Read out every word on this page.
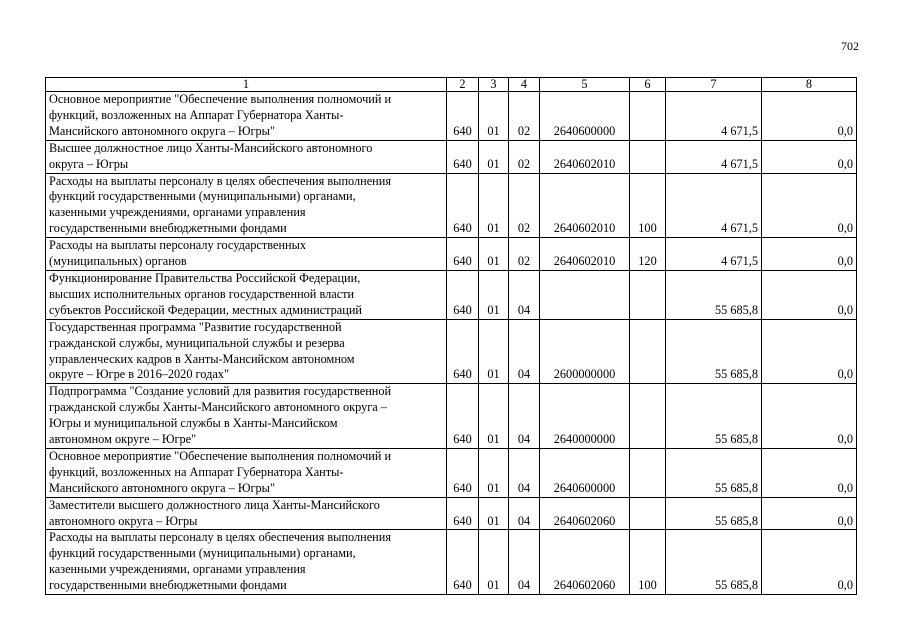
702
1	2	3	4	5	6	7	8
Основное мероприятие "Обеспечение выполнения полномочий и
функций, возложенных на Аппарат Губернатора Ханты-
Мансийского автономного округа – Югры"	640	01	02	2640600000		4 671,5	0,0
Высшее должностное лицо Ханты-Мансийского автономного
округа – Югры	640	01	02	2640602010		4 671,5	0,0
Расходы на выплаты персоналу в целях обеспечения выполнения
функций государственными (муниципальными) органами,
казенными учреждениями, органами управления
государственными внебюджетными фондами	640	01	02	2640602010	100	4 671,5	0,0
Расходы на выплаты персоналу государственных
(муниципальных) органов	640	01	02	2640602010	120	4 671,5	0,0
Функционирование Правительства Российской Федерации,
высших исполнительных органов государственной власти
субъектов Российской Федерации, местных администраций	640	01	04			55 685,8	0,0
Государственная программа "Развитие государственной
гражданской службы, муниципальной службы и резерва
управленческих кадров в Ханты-Мансийском автономном
округе – Югре в 2016–2020 годах"	640	01	04	2600000000		55 685,8	0,0
Подпрограмма "Создание условий для развития государственной
гражданской службы Ханты-Мансийского автономного округа –
Югры и муниципальной службы в Ханты-Мансийском
автономном округе – Югре"	640	01	04	2640000000		55 685,8	0,0
Основное мероприятие "Обеспечение выполнения полномочий и
функций, возложенных на Аппарат Губернатора Ханты-
Мансийского автономного округа – Югры"	640	01	04	2640600000		55 685,8	0,0
Заместители высшего должностного лица Ханты-Мансийского
автономного округа – Югры	640	01	04	2640602060		55 685,8	0,0
Расходы на выплаты персоналу в целях обеспечения выполнения
функций государственными (муниципальными) органами,
казенными учреждениями, органами управления
государственными внебюджетными фондами	640	01	04	2640602060	100	55 685,8	0,0
